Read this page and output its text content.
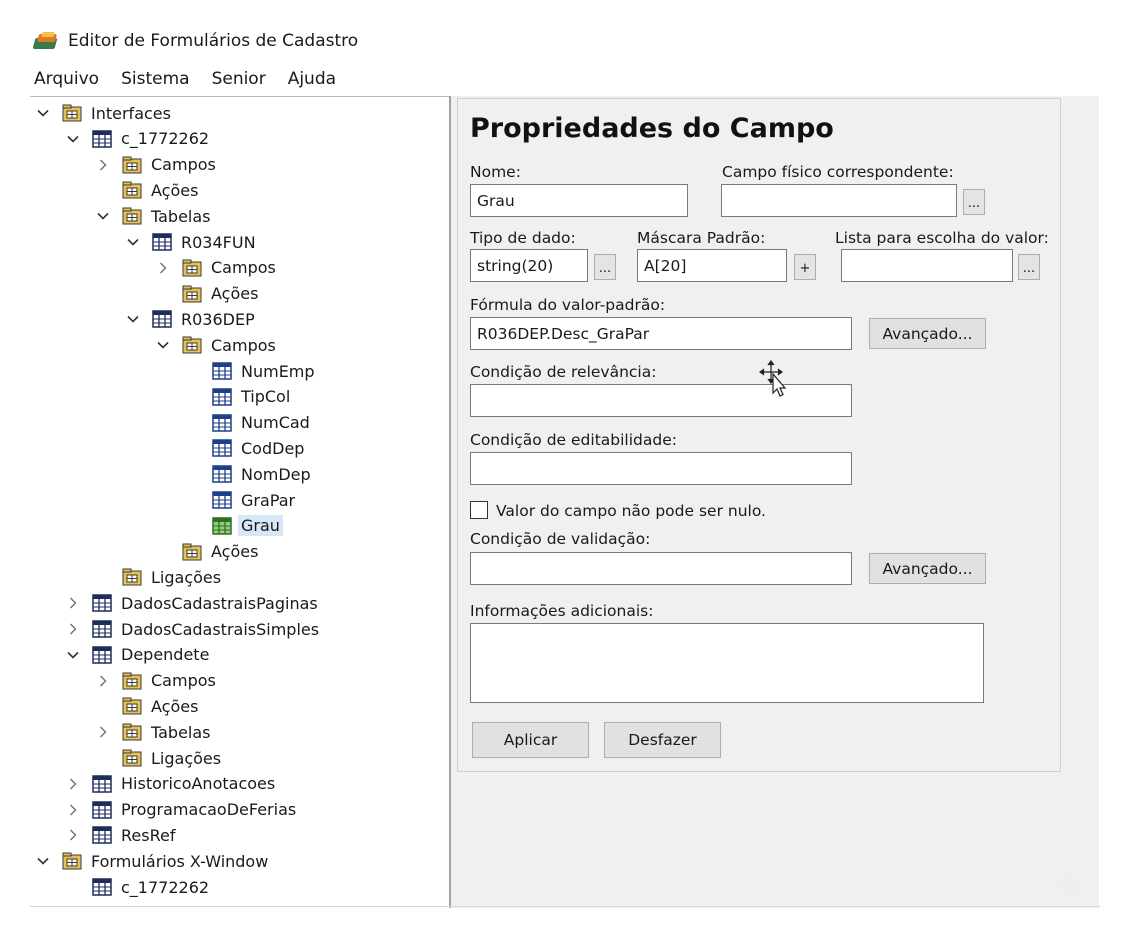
Editor de Formulários de Cadastro
Arquivo Sistema Senior Ajuda
Interfaces
c_1772262
Campos
Ações
Tabelas
R034FUN
Campos
Ações
R036DEP
Campos
NumEmp
TipCol
NumCad
CodDep
NomDep
GraPar
Grau
Ações
Ligações
DadosCadastraisPaginas
DadosCadastraisSimples
Dependete
Campos
Ações
Tabelas
Ligações
HistoricoAnotacoes
ProgramacaoDeFerias
ResRef
Formulários X-Window
c_1772262
Propriedades do Campo
Nome:
Grau
Campo físico correspondente:
...
Tipo de dado:
string(20)	...
Máscara Padrão:
A[20]	+
Lista para escolha do valor:
...
Fórmula do valor-padrão:
R036DEP.Desc_GraPar	Avançado...
Condição de relevância:
Condição de editabilidade:
Valor do campo não pode ser nulo.
Condição de validação:
Avançado...
Informações adicionais:
Aplicar	Desfazer
